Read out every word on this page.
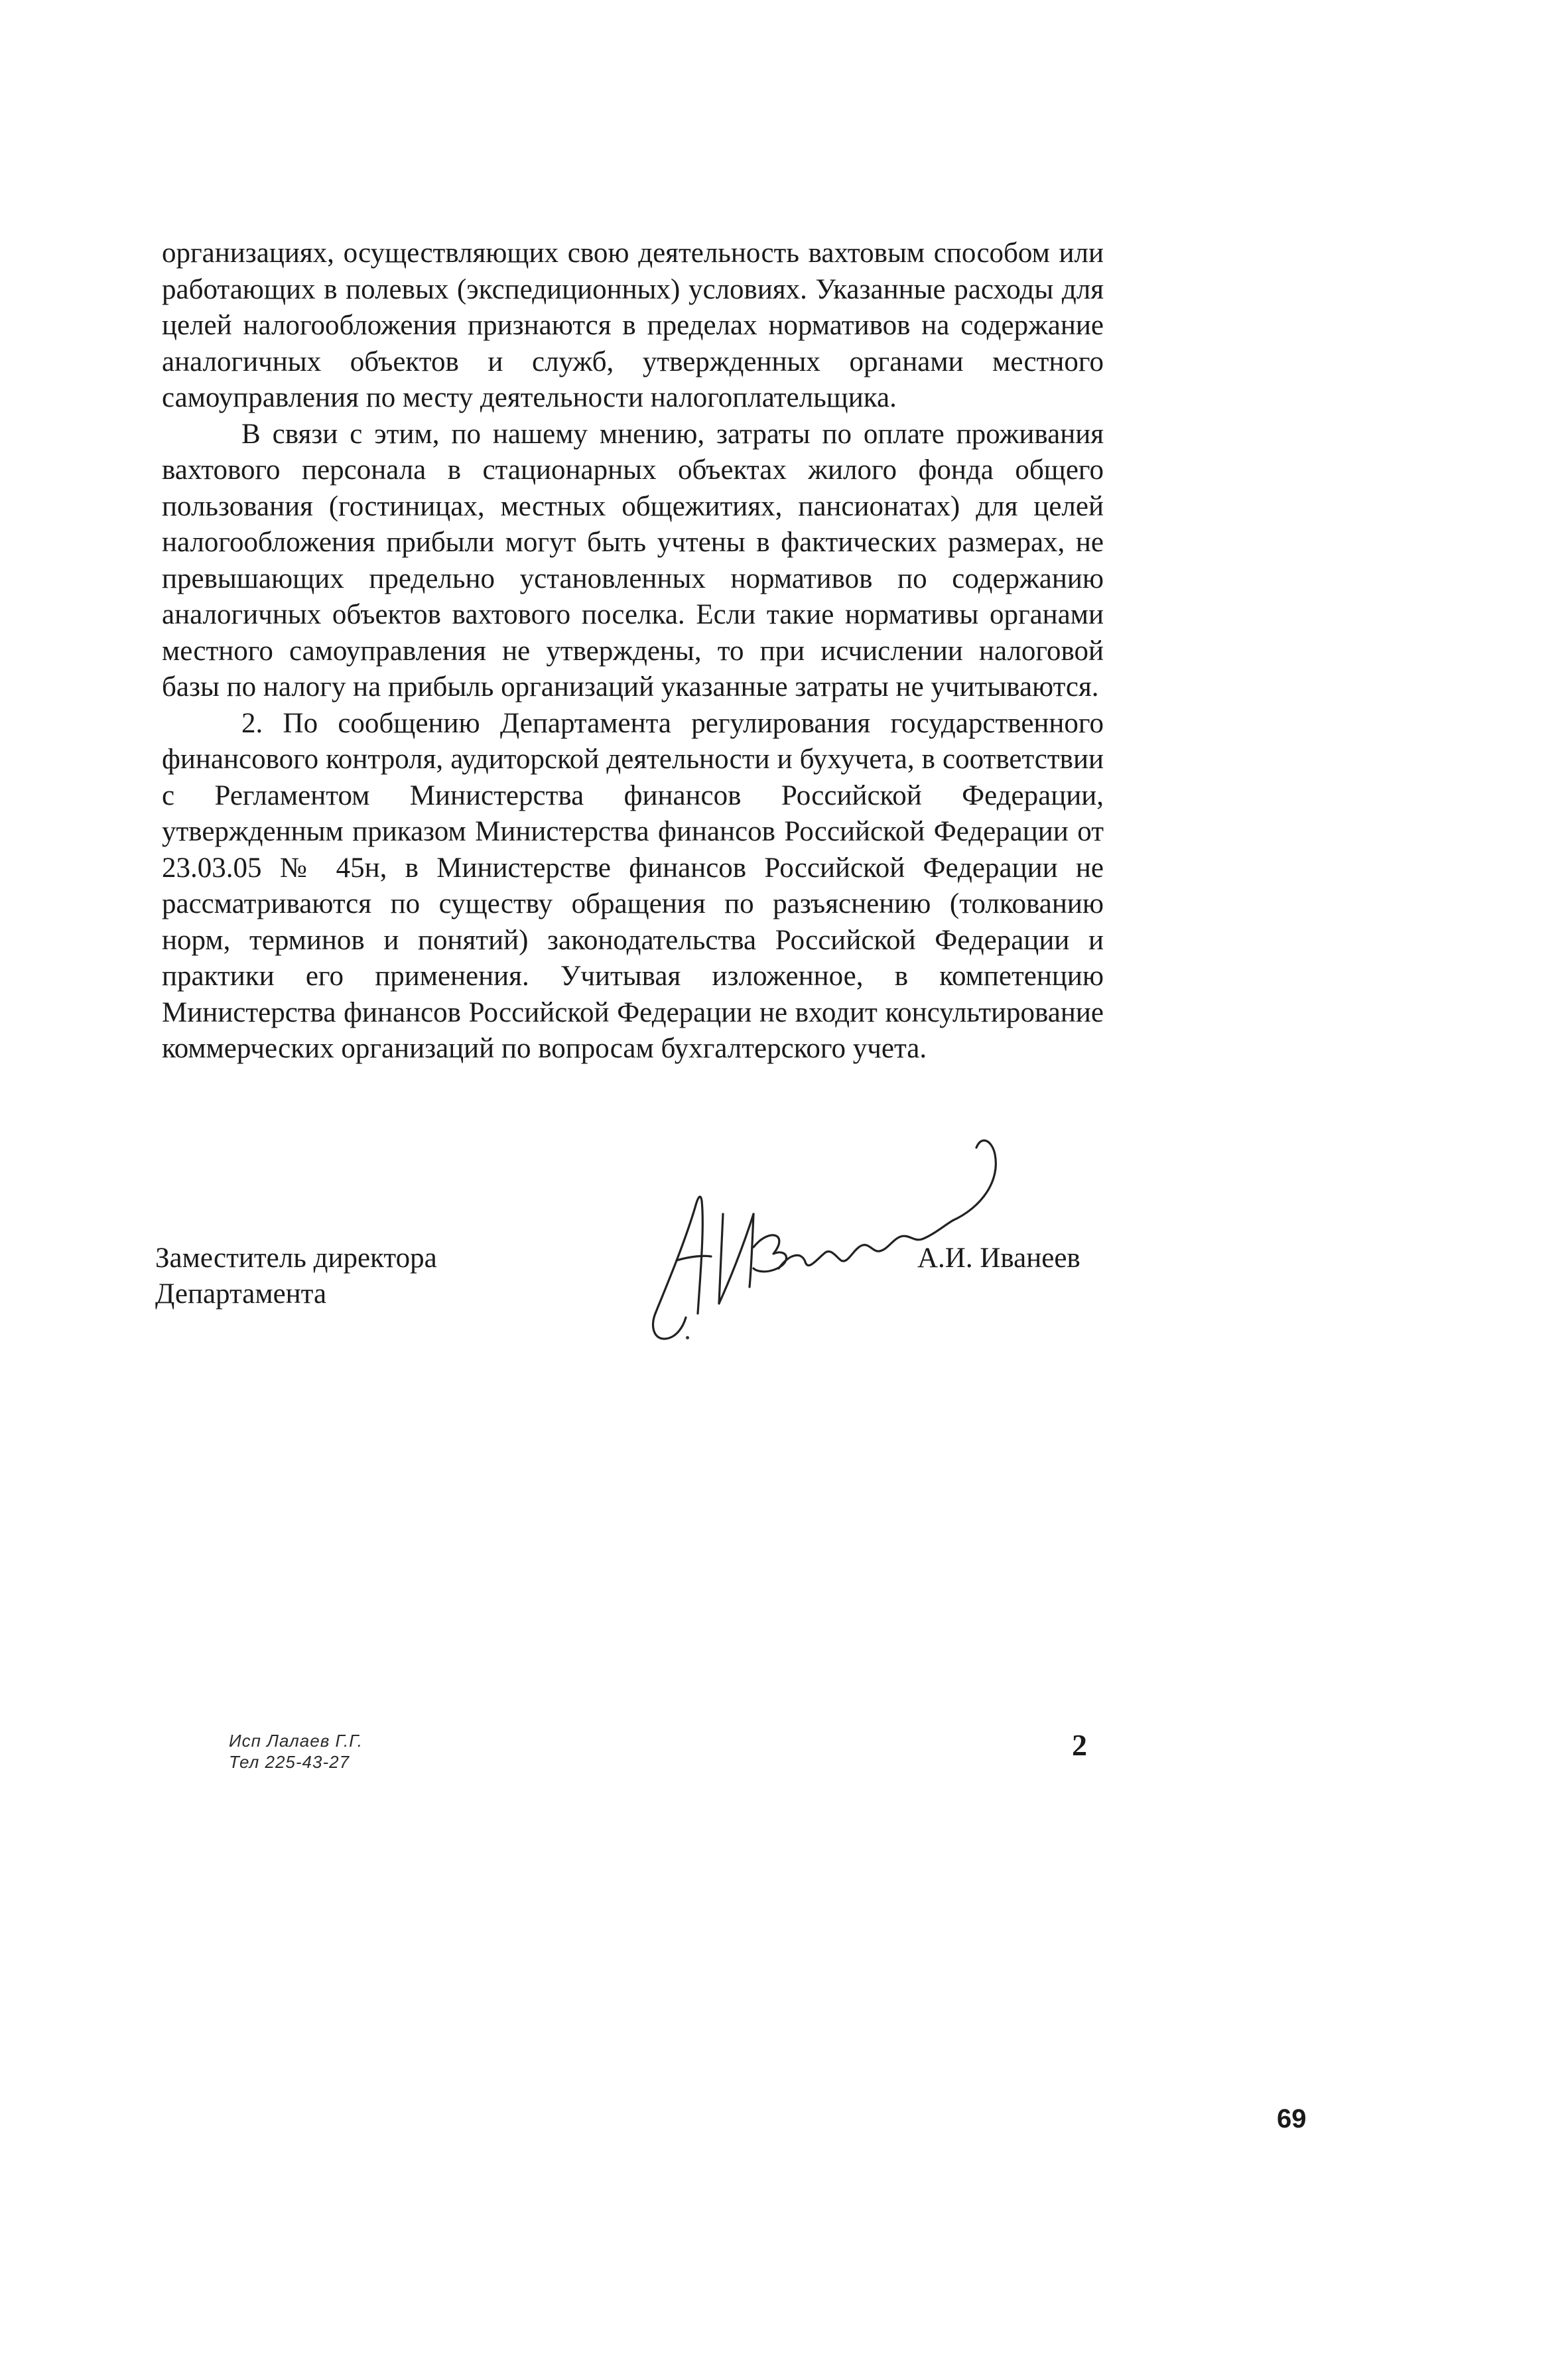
организациях, осуществляющих свою деятельность вахтовым способом или работающих в полевых (экспедиционных) условиях. Указанные расходы для целей налогообложения признаются в пределах нормативов на содержание аналогичных объектов и служб, утвержденных органами местного самоуправления по месту деятельности налогоплательщика.

В связи с этим, по нашему мнению, затраты по оплате проживания вахтового персонала в стационарных объектах жилого фонда общего пользования (гостиницах, местных общежитиях, пансионатах) для целей налогообложения прибыли могут быть учтены в фактических размерах, не превышающих предельно установленных нормативов по содержанию аналогичных объектов вахтового поселка. Если такие нормативы органами местного самоуправления не утверждены, то при исчислении налоговой базы по налогу на прибыль организаций указанные затраты не учитываются.

2. По сообщению Департамента регулирования государственного финансового контроля, аудиторской деятельности и бухучета, в соответствии с Регламентом Министерства финансов Российской Федерации, утвержденным приказом Министерства финансов Российской Федерации от 23.03.05 № 45н, в Министерстве финансов Российской Федерации не рассматриваются по существу обращения по разъяснению (толкованию норм, терминов и понятий) законодательства Российской Федерации и практики его применения. Учитывая изложенное, в компетенцию Министерства финансов Российской Федерации не входит консультирование коммерческих организаций по вопросам бухгалтерского учета.

Заместитель директора
Департамента
А.И. Иванеев
Исп Лалаев Г.Г.
Тел 225-43-27	2
69
